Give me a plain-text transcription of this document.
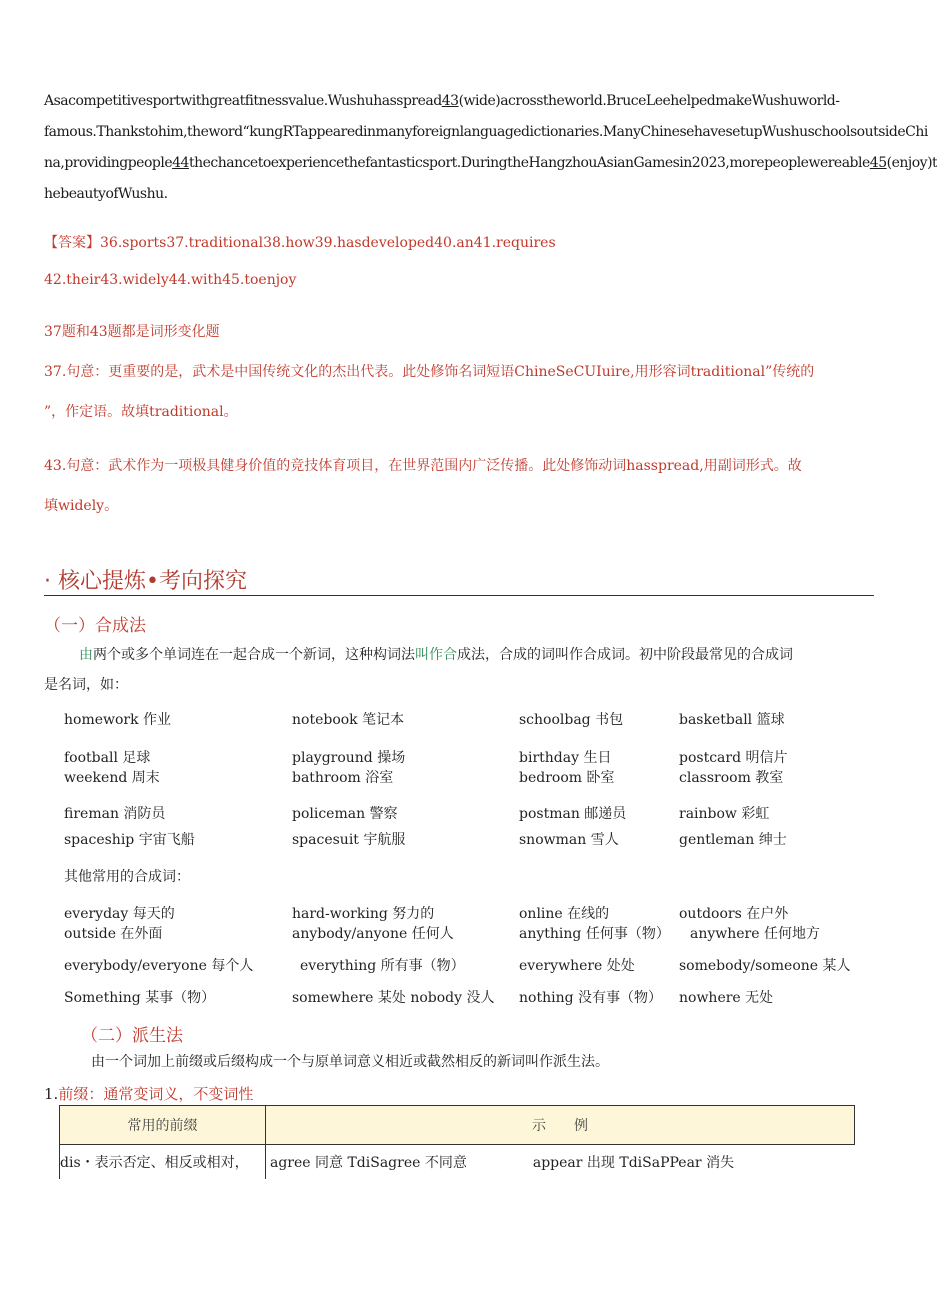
Asacompetitivesportwithgreatfitnessvalue.Wushuhasspread43(wide)acrosstheworld.BruceLeehelpedmakeWushuworld-
famous.Thankstohim,theword“kungRTappearedinmanyforeignlanguagedictionaries.ManyChinesehavesetupWushuschoolsoutsideChi
na,providingpeople44thechancetoexperiencethefantasticsport.DuringtheHangzhouAsianGamesin2023,morepeoplewereable45(enjoy)t
hebeautyofWushu.
【答案】36.sports37.traditional38.how39.hasdeveloped40.an41.requires
42.their43.widely44.with45.toenjoy
37题和43题都是词形变化题
37.句意：更重要的是，武术是中国传统文化的杰出代表。此处修饰名词短语ChineSeCUIuire,用形容词traditional”传统的
”，作定语。故填traditional。
43.句意：武术作为一项极具健身价值的竞技体育项目，在世界范围内广泛传播。此处修饰动词hasspread,用副词形式。故
填widely。
· 核心提炼•考向探究
（一）合成法
由两个或多个单词连在一起合成一个新词，这种构词法叫作合成法，合成的词叫作合成词。初中阶段最常见的合成词
是名词，如：
homework 作业	notebook 笔记本	schoolbag 书包	basketball 篮球
football 足球	playground 操场	birthday 生日	postcard 明信片
weekend 周末	bathroom 浴室	bedroom 卧室	classroom 教室
fireman 消防员	policeman 警察	postman 邮递员	rainbow 彩虹
spaceship 宇宙飞船	spacesuit 宇航服	snowman 雪人	gentleman 绅士
其他常用的合成词：
everyday 每天的	hard-working 努力的	online 在线的	outdoors 在户外
outside 在外面	anybody/anyone 任何人	anything 任何事（物） anywhere 任何地方
everybody/everyone 每个人	everything 所有事（物）	everywhere 处处	somebody/someone 某人
Something 某事（物）	somewhere 某处 nobody 没人 nothing 没有事（物） nowhere 无处
（二）派生法
由一个词加上前缀或后缀构成一个与原单词意义相近或截然相反的新词叫作派生法。
1.前缀：通常变词义，不变词性
常用的前缀	示　　例
dis・表示否定、相反或相对，	agree 同意 TdiSagree 不同意 appear 出现 TdiSaPPear 消失
